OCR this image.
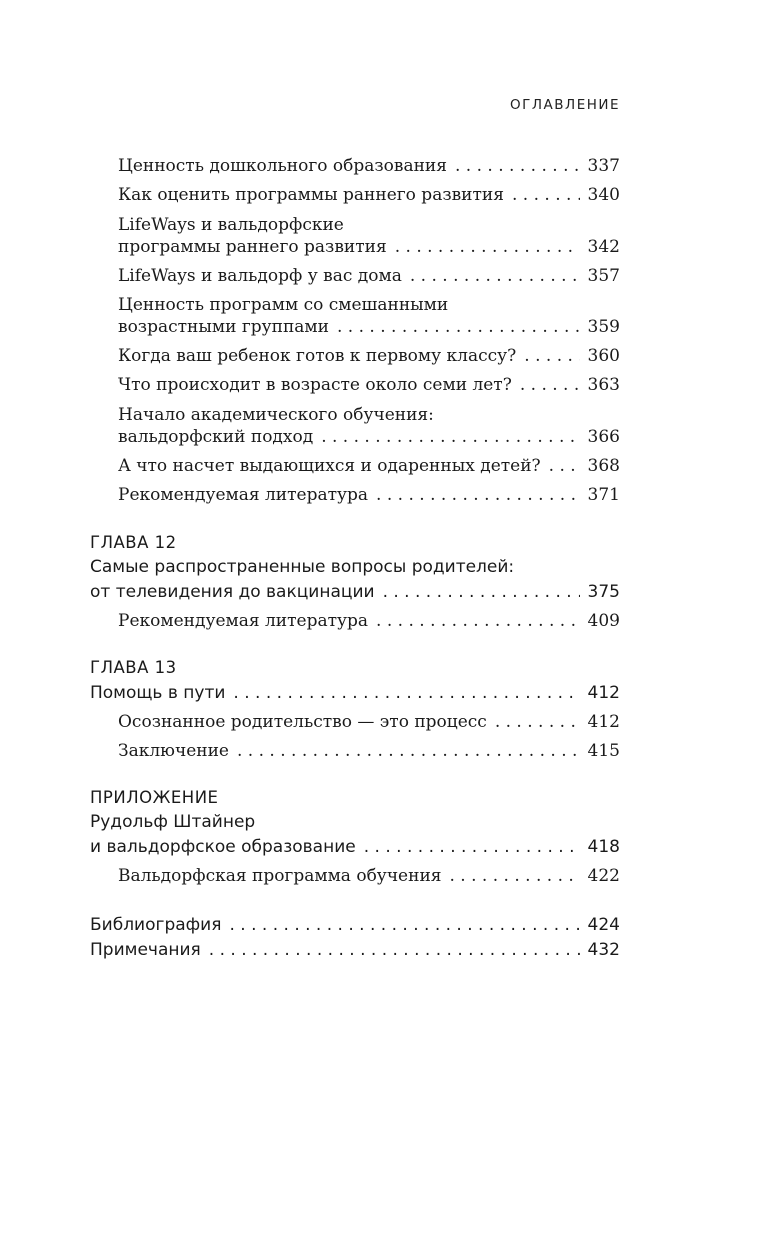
ОГЛАВЛЕНИЕ
Ценность дошкольного образования . . .	337
Как оценить программы раннего развития . . .	340
LifeWays и вальдорфские
программы раннего развития . . .	342
LifeWays и вальдорф у вас дома . . .	357
Ценность программ со смешанными
возрастными группами . . .	359
Когда ваш ребенок готов к первому классу? . . .	360
Что происходит в возрасте около семи лет? . . .	363
Начало академического обучения:
вальдорфский подход . . .	366
А что насчет выдающихся и одаренных детей? . . .	368
Рекомендуемая литература . . .	371
ГЛАВА 12
Самые распространенные вопросы родителей:
от телевидения до вакцинации . . .	375
Рекомендуемая литература . . .	409
ГЛАВА 13
Помощь в пути . . .	412
Осознанное родительство — это процесс . . .	412
Заключение . . .	415
ПРИЛОЖЕНИЕ
Рудольф Штайнер
и вальдорфское образование . . .	418
Вальдорфская программа обучения . . .	422
Библиография . . .	424
Примечания . . .	432
